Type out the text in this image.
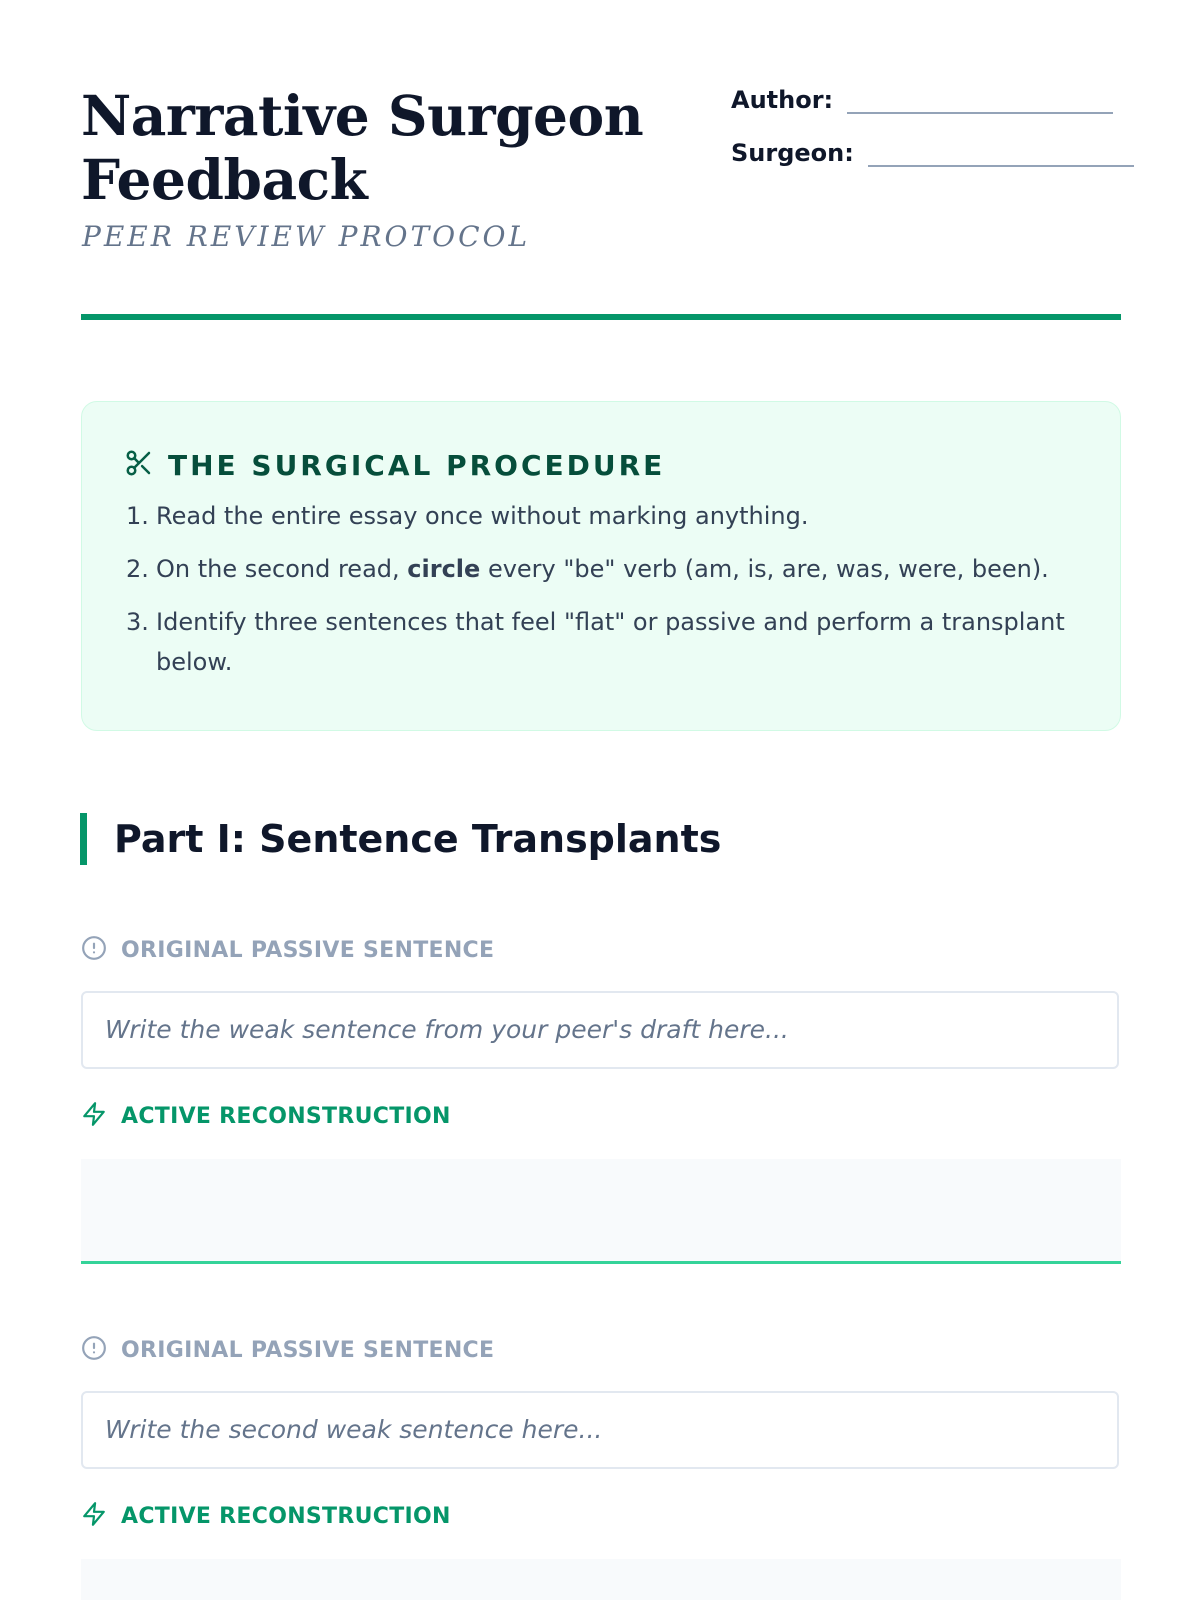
Narrative Surgeon Feedback
PEER REVIEW PROTOCOL
Author:
Surgeon:
THE SURGICAL PROCEDURE
1. Read the entire essay once without marking anything.
2. On the second read, circle every "be" verb (am, is, are, was, were, been).
3. Identify three sentences that feel "flat" or passive and perform a transplant below.
Part I: Sentence Transplants
ORIGINAL PASSIVE SENTENCE
Write the weak sentence from your peer's draft here...
ACTIVE RECONSTRUCTION
ORIGINAL PASSIVE SENTENCE
Write the second weak sentence here...
ACTIVE RECONSTRUCTION
